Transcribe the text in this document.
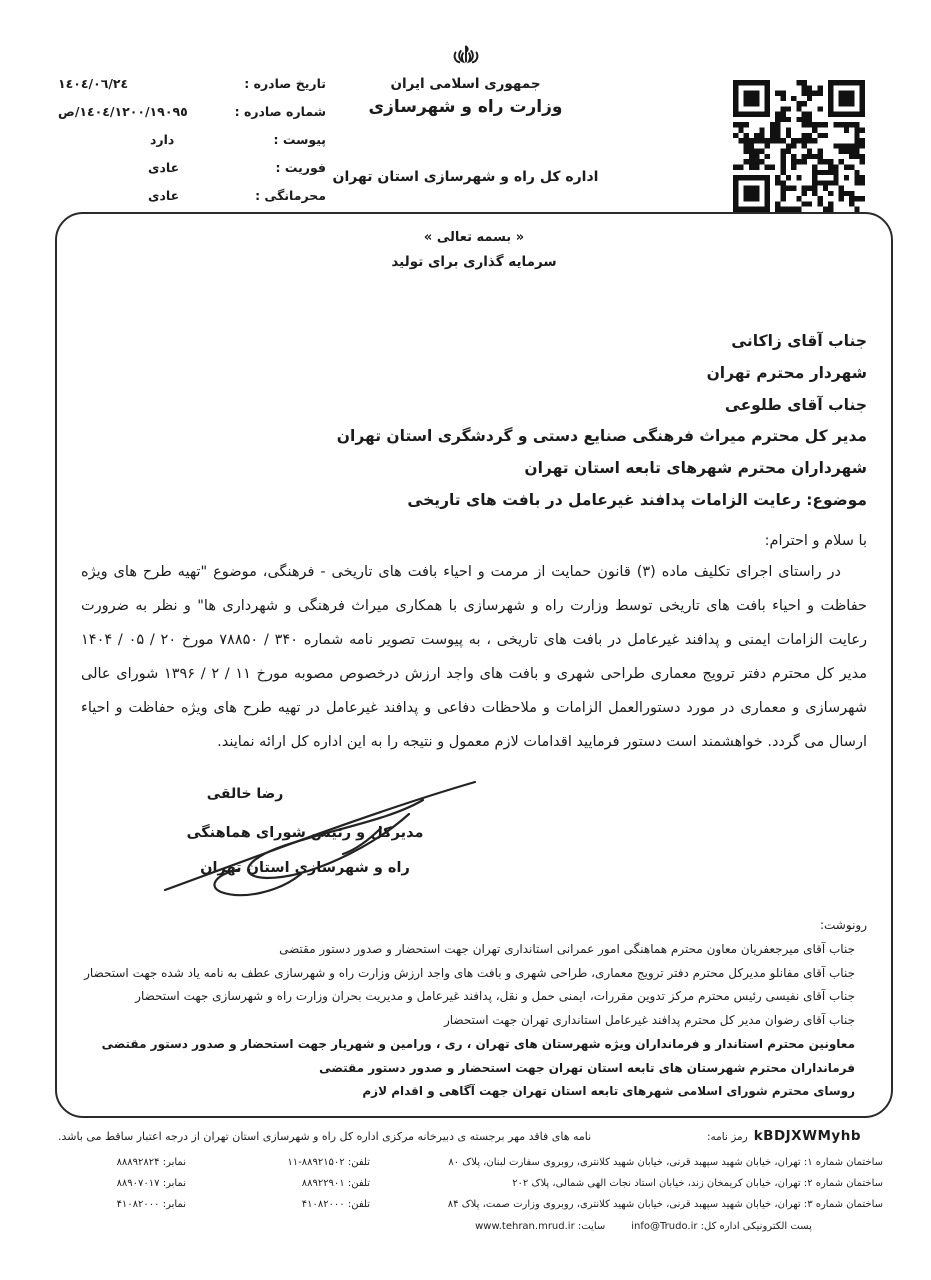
تاریخ صادره :
١٤٠٤/٠٦/٢٤
شماره صادره :
١٤٠٤/١٢٠٠/١٩٠٩٥/ص
پیوست :
دارد
فوریت :
عادی
محرمانگی :
عادی
جمهوری اسلامی ایران
وزارت راه و شهرسازی
اداره کل راه و شهرسازی استان تهران
« بسمه تعالی »
سرمایه گذاری برای تولید
جناب آقای زاکانی
شهردار محترم تهران
جناب آقای طلوعی
مدیر کل محترم میراث فرهنگی صنایع دستی و گردشگری استان تهران
شهرداران محترم شهرهای تابعه استان تهران
موضوع: رعایت الزامات پدافند غیرعامل در بافت های تاریخی
با سلام و احترام:
در راستای اجرای تکلیف ماده (۳) قانون حمایت از مرمت و احیاء بافت های تاریخی - فرهنگی، موضوع "تهیه طرح های ویژه حفاظت و احیاء بافت های تاریخی توسط وزارت راه و شهرسازی با همکاری میراث فرهنگی و شهرداری ها" و نظر به ضرورت رعایت الزامات ایمنی و پدافند غیرعامل در بافت های تاریخی ، به پیوست تصویر نامه شماره ۳۴۰ / ۷۸۸۵۰ مورخ ۲۰ / ۰۵ / ۱۴۰۴ مدیر کل محترم دفتر ترویج معماری طراحی شهری و بافت های واجد ارزش درخصوص مصوبه مورخ ۱۱ / ۲ / ۱۳۹۶ شورای عالی شهرسازی و معماری در مورد دستورالعمل الزامات و ملاحظات دفاعی و پدافند غیرعامل در تهیه طرح های ویژه حفاظت و احیاء ارسال می گردد. خواهشمند است دستور فرمایید اقدامات لازم معمول و نتیجه را به این اداره کل ارائه نمایند.
رضا خالقی
مدیرکل و رئیس شورای هماهنگی
راه و شهرسازی استان تهران
رونوشت:
جناب آقای میرجعفریان معاون محترم هماهنگی امور عمرانی استانداری تهران جهت استحضار و صدور دستور مقتضی
جناب آقای مفانلو مدیرکل محترم دفتر ترویج معماری، طراحی شهری و بافت های واجد ارزش وزارت راه و شهرسازی عطف به نامه یاد شده جهت استحضار
جناب آقای نفیسی رئیس محترم مرکز تدوین مقررات، ایمنی حمل و نقل، پدافند غیرعامل و مدیریت بحران وزارت راه و شهرسازی جهت استحضار
جناب آقای رضوان مدیر کل محترم پدافند غیرعامل استانداری تهران جهت استحضار
معاونین محترم استاندار و فرمانداران ویژه شهرستان های تهران ، ری ، ورامین و شهریار جهت استحضار و صدور دستور مقتضی
فرمانداران محترم شهرستان های تابعه استان تهران جهت استحضار و صدور دستور مقتضی
روسای محترم شورای اسلامی شهرهای تابعه استان تهران جهت آگاهی و اقدام لازم
نامه های فاقد مهر برجسته ی دبیرخانه مرکزی اداره کل راه و شهرسازی استان تهران از درجه اعتبار ساقط می باشد.	رمز نامه: kBDJXWMyhb
ساختمان شماره ۱: تهران، خیابان شهید سپهبد قرنی، خیابان شهید کلانتری، روبروی سفارت لبنان، پلاک ۸۰
ساختمان شماره ۲: تهران، خیابان کریمخان زند، خیابان استاد نجات الهی شمالی، پلاک ۲۰۲
ساختمان شماره ۳: تهران، خیابان شهید سپهبد قرنی، خیابان شهید کلانتری، روبروی وزارت صمت، پلاک ۸۴
پست الکترونیکی اداره کل: info@Trudo.ir
سایت: www.tehran.mrud.ir
تلفن: ۸۸۹۲۱۵۰۲-۱۱
تلفن: ۸۸۹۲۲۹۰۱
تلفن: ۴۱۰۸۲۰۰۰
نمابر: ۸۸۸۹۲۸۲۴
نمابر: ۸۸۹۰۷۰۱۷
نمابر: ۴۱۰۸۲۰۰۰
